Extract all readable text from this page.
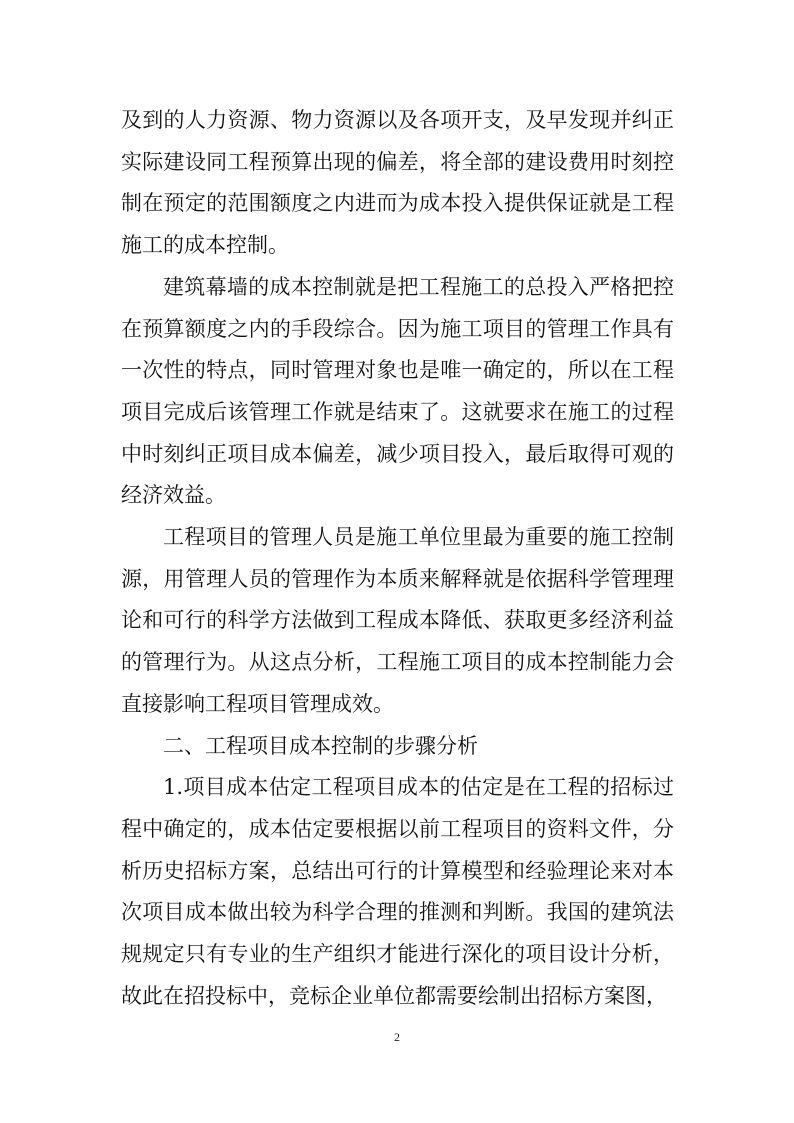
及到的人力资源、物力资源以及各项开支，及早发现并纠正实际建设同工程预算出现的偏差，将全部的建设费用时刻控制在预定的范围额度之内进而为成本投入提供保证就是工程施工的成本控制。

建筑幕墙的成本控制就是把工程施工的总投入严格把控在预算额度之内的手段综合。因为施工项目的管理工作具有一次性的特点，同时管理对象也是唯一确定的，所以在工程项目完成后该管理工作就是结束了。这就要求在施工的过程中时刻纠正项目成本偏差，减少项目投入，最后取得可观的经济效益。

工程项目的管理人员是施工单位里最为重要的施工控制源，用管理人员的管理作为本质来解释就是依据科学管理理论和可行的科学方法做到工程成本降低、获取更多经济利益的管理行为。从这点分析，工程施工项目的成本控制能力会直接影响工程项目管理成效。

二、工程项目成本控制的步骤分析

1.项目成本估定工程项目成本的估定是在工程的招标过程中确定的，成本估定要根据以前工程项目的资料文件，分析历史招标方案，总结出可行的计算模型和经验理论来对本次项目成本做出较为科学合理的推测和判断。我国的建筑法规规定只有专业的生产组织才能进行深化的项目设计分析，故此在招投标中，竞标企业单位都需要绘制出招标方案图，

2
